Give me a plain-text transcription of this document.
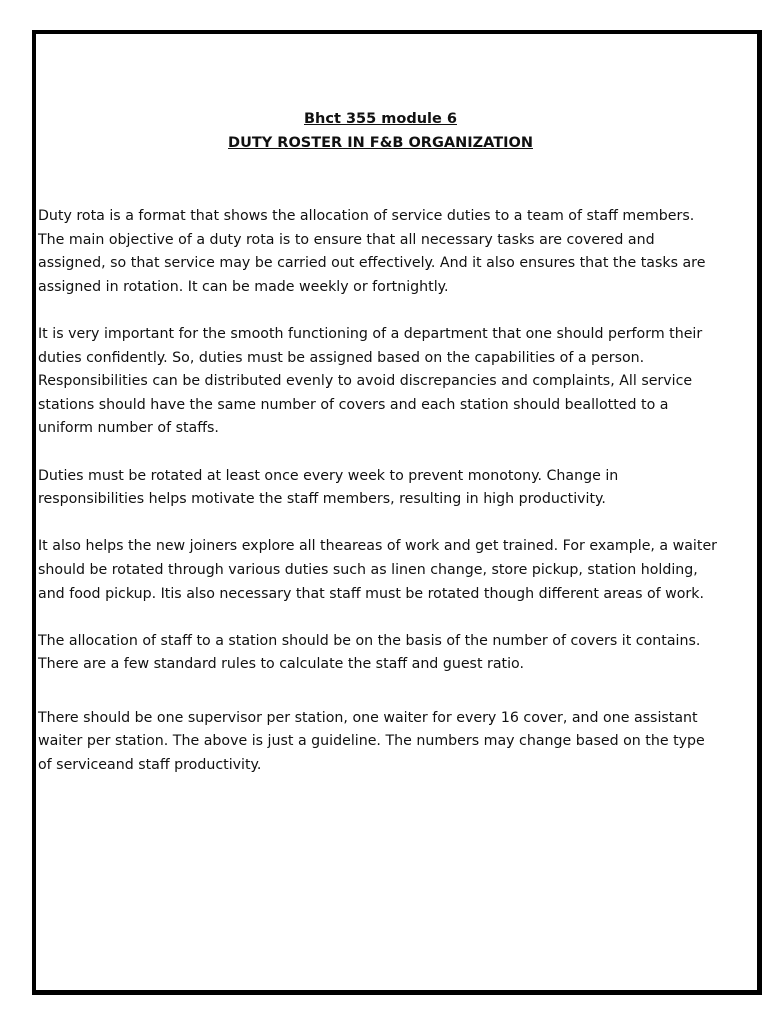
Bhct 355 module 6
DUTY ROSTER IN F&B ORGANIZATION

Duty rota is a format that shows the allocation of service duties to a team of staff members. The main objective of a duty rota is to ensure that all necessary tasks are covered and assigned, so that service may be carried out effectively. And it also ensures that the tasks are assigned in rotation. It can be made weekly or fortnightly.

It is very important for the smooth functioning of a department that one should perform their duties confidently. So, duties must be assigned based on the capabilities of a person. Responsibilities can be distributed evenly to avoid discrepancies and complaints, All service stations should have the same number of covers and each station should beallotted to a uniform number of staffs.

Duties must be rotated at least once every week to prevent monotony. Change in responsibilities helps motivate the staff members, resulting in high productivity.

It also helps the new joiners explore all theareas of work and get trained. For example, a waiter should be rotated through various duties such as linen change, store pickup, station holding, and food pickup. Itis also necessary that staff must be rotated though different areas of work.

The allocation of staff to a station should be on the basis of the number of covers it contains. There are a few standard rules to calculate the staff and guest ratio.

There should be one supervisor per station, one waiter for every 16 cover, and one assistant waiter per station. The above is just a guideline. The numbers may change based on the type of serviceand staff productivity.
